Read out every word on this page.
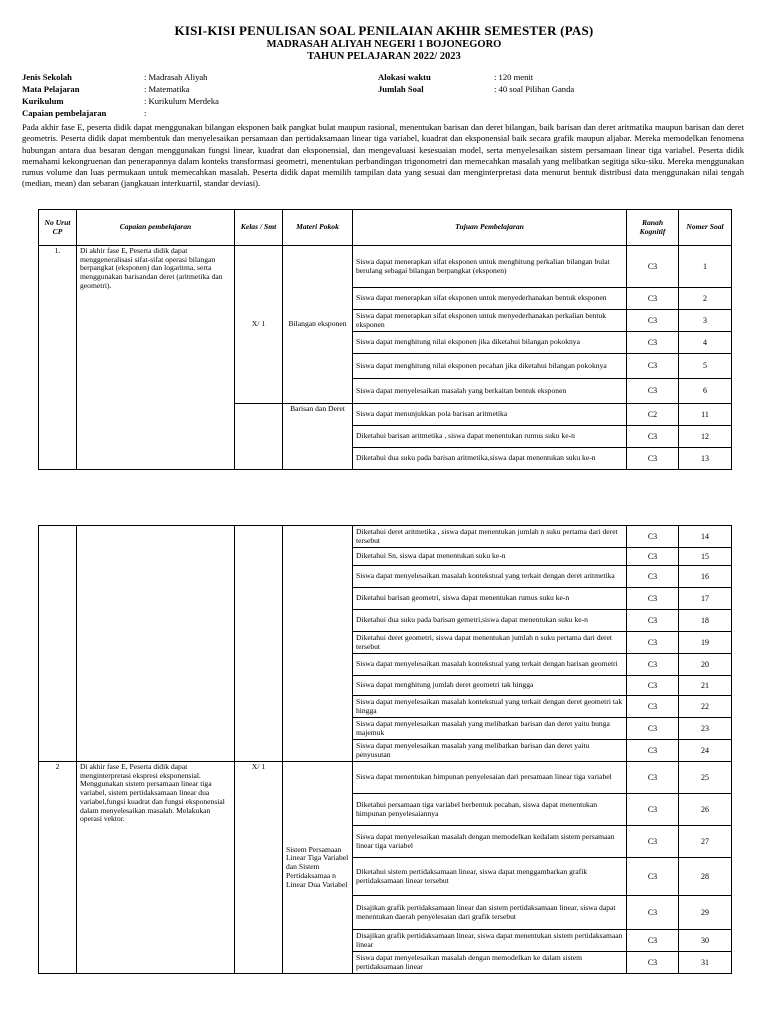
KISI-KISI PENULISAN SOAL PENILAIAN AKHIR SEMESTER (PAS)
MADRASAH ALIYAH NEGERI 1 BOJONEGORO
TAHUN PELAJARAN 2022/ 2023
Jenis Sekolah	: Madrasah Aliyah	Alokasi waktu	: 120 menit
Mata Pelajaran	: Matematika	Jumlah Soal	: 40 soal Pilihan Ganda
Kurikulum	: Kurikulum Merdeka
Capaian pembelajaran	:
Pada akhir fase E, peserta didik dapat menggunakan bilangan eksponen baik pangkat bulat maupun rasional, menentukan barisan dan deret bilangan, baik barisan dan deret aritmatika maupun barisan dan deret geometris. Peserta didik dapat membentuk dan menyelesaikan persamaan dan pertidaksamaan linear tiga variabel, kuadrat dan eksponensial baik secara grafik maupun aljabar. Mereka memodelkan fenomena hubungan antara dua besaran dengan menggunakan fungsi linear, kuadrat dan eksponensial, dan mengevaluasi kesesuaian model, serta menyelesaikan sistem persamaan linear tiga variabel. Peserta didik memahami kekongruenan dan penerapannya dalam konteks transformasi geometri, menentukan perbandingan trigonometri dan memecahkan masalah yang melibatkan segitiga siku-siku. Mereka menggunakan rumus volume dan luas permukaan untuk memecahkan masalah. Peserta didik dapat memilih tampilan data yang sesuai dan menginterpretasi data menurut bentuk distribusi data menggunakan nilai tengah (median, mean) dan sebaran (jangkauan interkuartil, standar deviasi).
No Urut CP	Capaian pembelajaran	Kelas / Smt	Materi Pokok	Tujuan Pembelajaran	Ranah Kognitif	Nomer Soal
1.	Di akhir fase E, Peserta didik dapat menggeneralisasi sifat-sifat operasi bilangan berpangkat (eksponen) dan logaritma, serta menggunakan barisandan deret (aritmetika dan geometri).	X/ 1	Bilangan eksponen	Siswa dapat menerapkan sifat eksponen untuk menghitung perkalian bilangan bulat berulang sebagai bilangan berpangkat (eksponen)	C3	1
				Siswa dapat menerapkan sifat eksponen untuk menyederhanakan bentuk eksponen	C3	2
				Siswa dapat menerapkan sifat eksponen untuk menyederhanakan perkalian bentuk eksponen	C3	3
				Siswa dapat menghitung nilai eksponen jika diketahui bilangan pokoknya	C3	4
				Siswa dapat menghitung nilai eksponen pecahan jika diketahui bilangan pokoknya	C3	5
				Siswa dapat menyelesaikan masalah yang berkaitan bentuk eksponen	C3	6
			Barisan dan Deret	Siswa dapat menunjukkan pola barisan aritmetika	C2	11
				Diketahui barisan aritmetika , siswa dapat menentukan rumus suku ke-n	C3	12
				Diketahui dua suku pada barisan aritmetika,siswa dapat menentukan suku ke-n	C3	13
				Diketahui deret aritmetika , siswa dapat menentukan jumlah n suku pertama dari deret tersebut	C3	14
				Diketahui Sn, siswa dapat menentukan suku ke-n	C3	15
				Siswa dapat menyelesaikan masalah kontekstual yang terkait dengan deret aritmetika	C3	16
				Diketahui barisan geometri, siswa dapat menentukan rumus suku ke-n	C3	17
				Diketahui dua suku pada barisan gemetri,siswa dapat menentukan suku ke-n	C3	18
				Diketahui deret geometri, siswa dapat menentukan jumlah n suku pertama dari deret tersebut	C3	19
				Siswa dapat menyelesaikan masalah kontekstual yang terkait dengan barisan geometri	C3	20
				Siswa dapat menghitung jumlah deret geometri tak hingga	C3	21
				Siswa dapat menyelesaikan masalah kontekstual yang terkait dengan deret geometri tak hingga	C3	22
				Siswa dapat menyelesaikan masalah yang melibatkan barisan dan deret yaitu bunga majemuk	C3	23
				Siswa dapat menyelesaikan masalah yang melibatkan barisan dan deret yaitu penyusutan	C3	24
2	Di akhir fase E, Peserta didik dapat menginterpretasi ekspresi eksponensial. Menggunakan sistem persamaan linear tiga variabel, sistem pertidaksamaan linear dua variabel,fungsi kuadrat dan fungsi eksponensial dalam menyelesaikan masalah. Melakukan operasi vektor.	X/ 1	Sistem Persamaan Linear Tiga Variabel dan Sistem Pertidaksamaa n Linear Dua Variabel	Siswa dapat menentukan himpunan penyelesaian dari persamaan linear tiga variabel	C3	25
				Diketahui persamaan tiga variabel berbentuk pecahan, siswa dapat menentukan himpunan penyelesaiannya	C3	26
				Siswa dapat menyelesaikan masalah dengan memodelkan kedalam sistem persamaan linear tiga variabel	C3	27
				Diketahui sistem pertidaksamaan linear, siswa dapat menggambarkan grafik pertidaksamaan linear tersebut	C3	28
				Disajikan grafik pertidaksamaan linear dan sistem pertidaksamaan linear, siswa dapat menentukan daerah penyelesaian dari grafik tersebut	C3	29
				Disajikan grafik pertidaksamaan linear, siswa dapat menentukan sistem pertidaksamaan linear	C3	30
				Siswa dapat menyelesaikan masalah dengan memodelkan ke dalam sistem pertidaksamaan linear	C3	31
